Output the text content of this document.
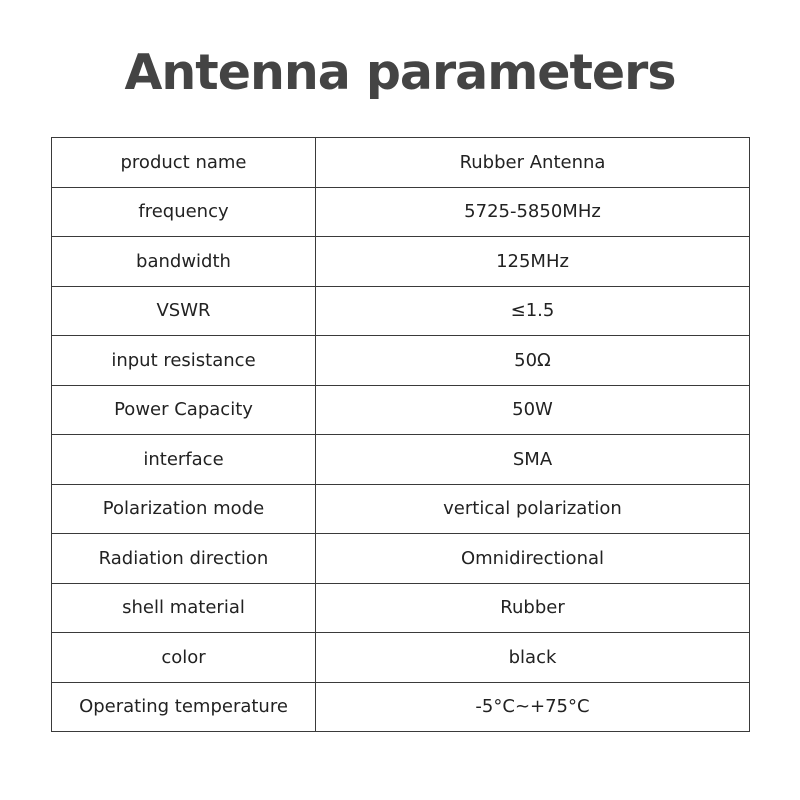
Antenna parameters
product name	Rubber Antenna
frequency	5725-5850MHz
bandwidth	125MHz
VSWR	≤1.5
input resistance	50Ω
Power Capacity	50W
interface	SMA
Polarization mode	vertical polarization
Radiation direction	Omnidirectional
shell material	Rubber
color	black
Operating temperature	-5°C~+75°C
